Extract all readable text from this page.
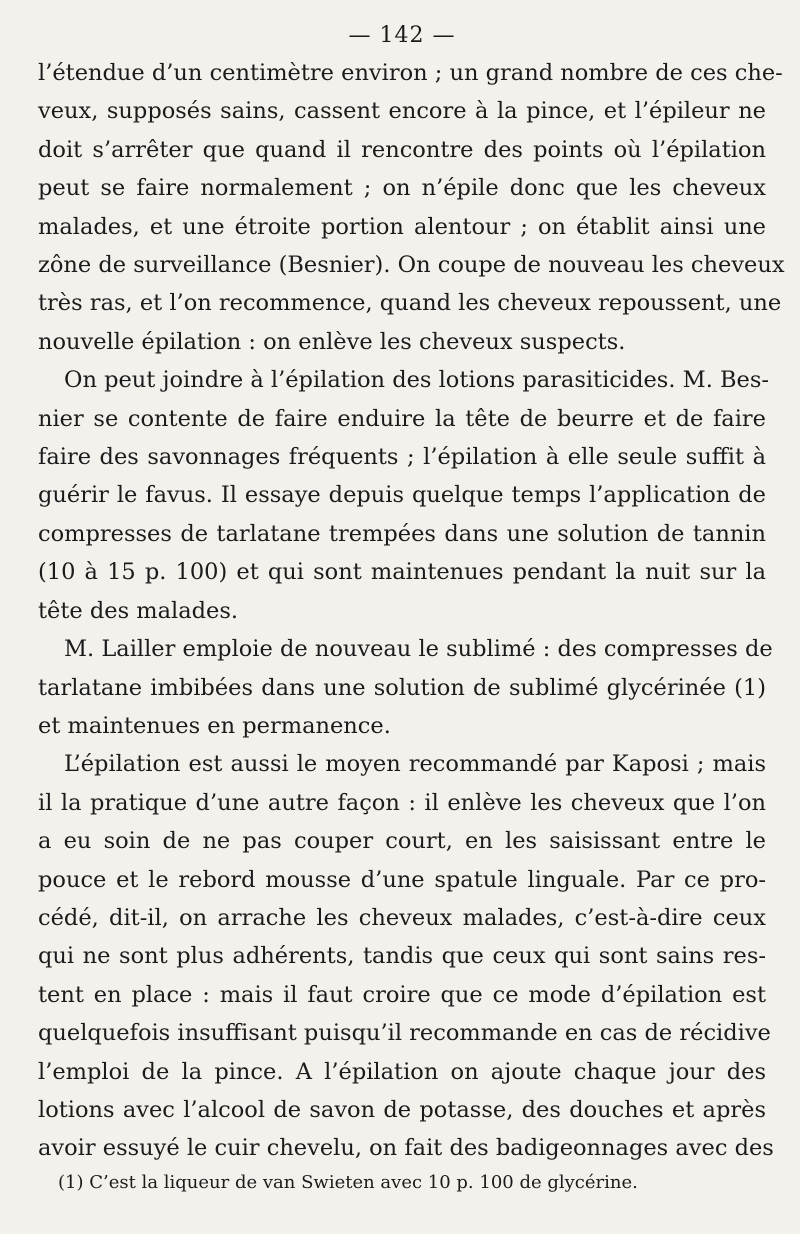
— 142 —
l’étendue d’un centimètre environ ; un grand nombre de ces che-
veux, supposés sains, cassent encore à la pince, et l’épileur ne
doit s’arrêter que quand il rencontre des points où l’épilation
peut se faire normalement ; on n’épile donc que les cheveux
malades, et une étroite portion alentour ; on établit ainsi une
zône de surveillance (Besnier). On coupe de nouveau les cheveux
très ras, et l’on recommence, quand les cheveux repoussent, une
nouvelle épilation : on enlève les cheveux suspects.
On peut joindre à l’épilation des lotions parasiticides. M. Bes-
nier se contente de faire enduire la tête de beurre et de faire
faire des savonnages fréquents ; l’épilation à elle seule suffit à
guérir le favus. Il essaye depuis quelque temps l’application de
compresses de tarlatane trempées dans une solution de tannin
(10 à 15 p. 100) et qui sont maintenues pendant la nuit sur la
tête des malades.
M. Lailler emploie de nouveau le sublimé : des compresses de
tarlatane imbibées dans une solution de sublimé glycérinée (1)
et maintenues en permanence.
L’épilation est aussi le moyen recommandé par Kaposi ; mais
il la pratique d’une autre façon : il enlève les cheveux que l’on
a eu soin de ne pas couper court, en les saisissant entre le
pouce et le rebord mousse d’une spatule linguale. Par ce pro-
cédé, dit-il, on arrache les cheveux malades, c’est-à-dire ceux
qui ne sont plus adhérents, tandis que ceux qui sont sains res-
tent en place : mais il faut croire que ce mode d’épilation est
quelquefois insuffisant puisqu’il recommande en cas de récidive
l’emploi de la pince. A l’épilation on ajoute chaque jour des
lotions avec l’alcool de savon de potasse, des douches et après
avoir essuyé le cuir chevelu, on fait des badigeonnages avec des
(1) C’est la liqueur de van Swieten avec 10 p. 100 de glycérine.
